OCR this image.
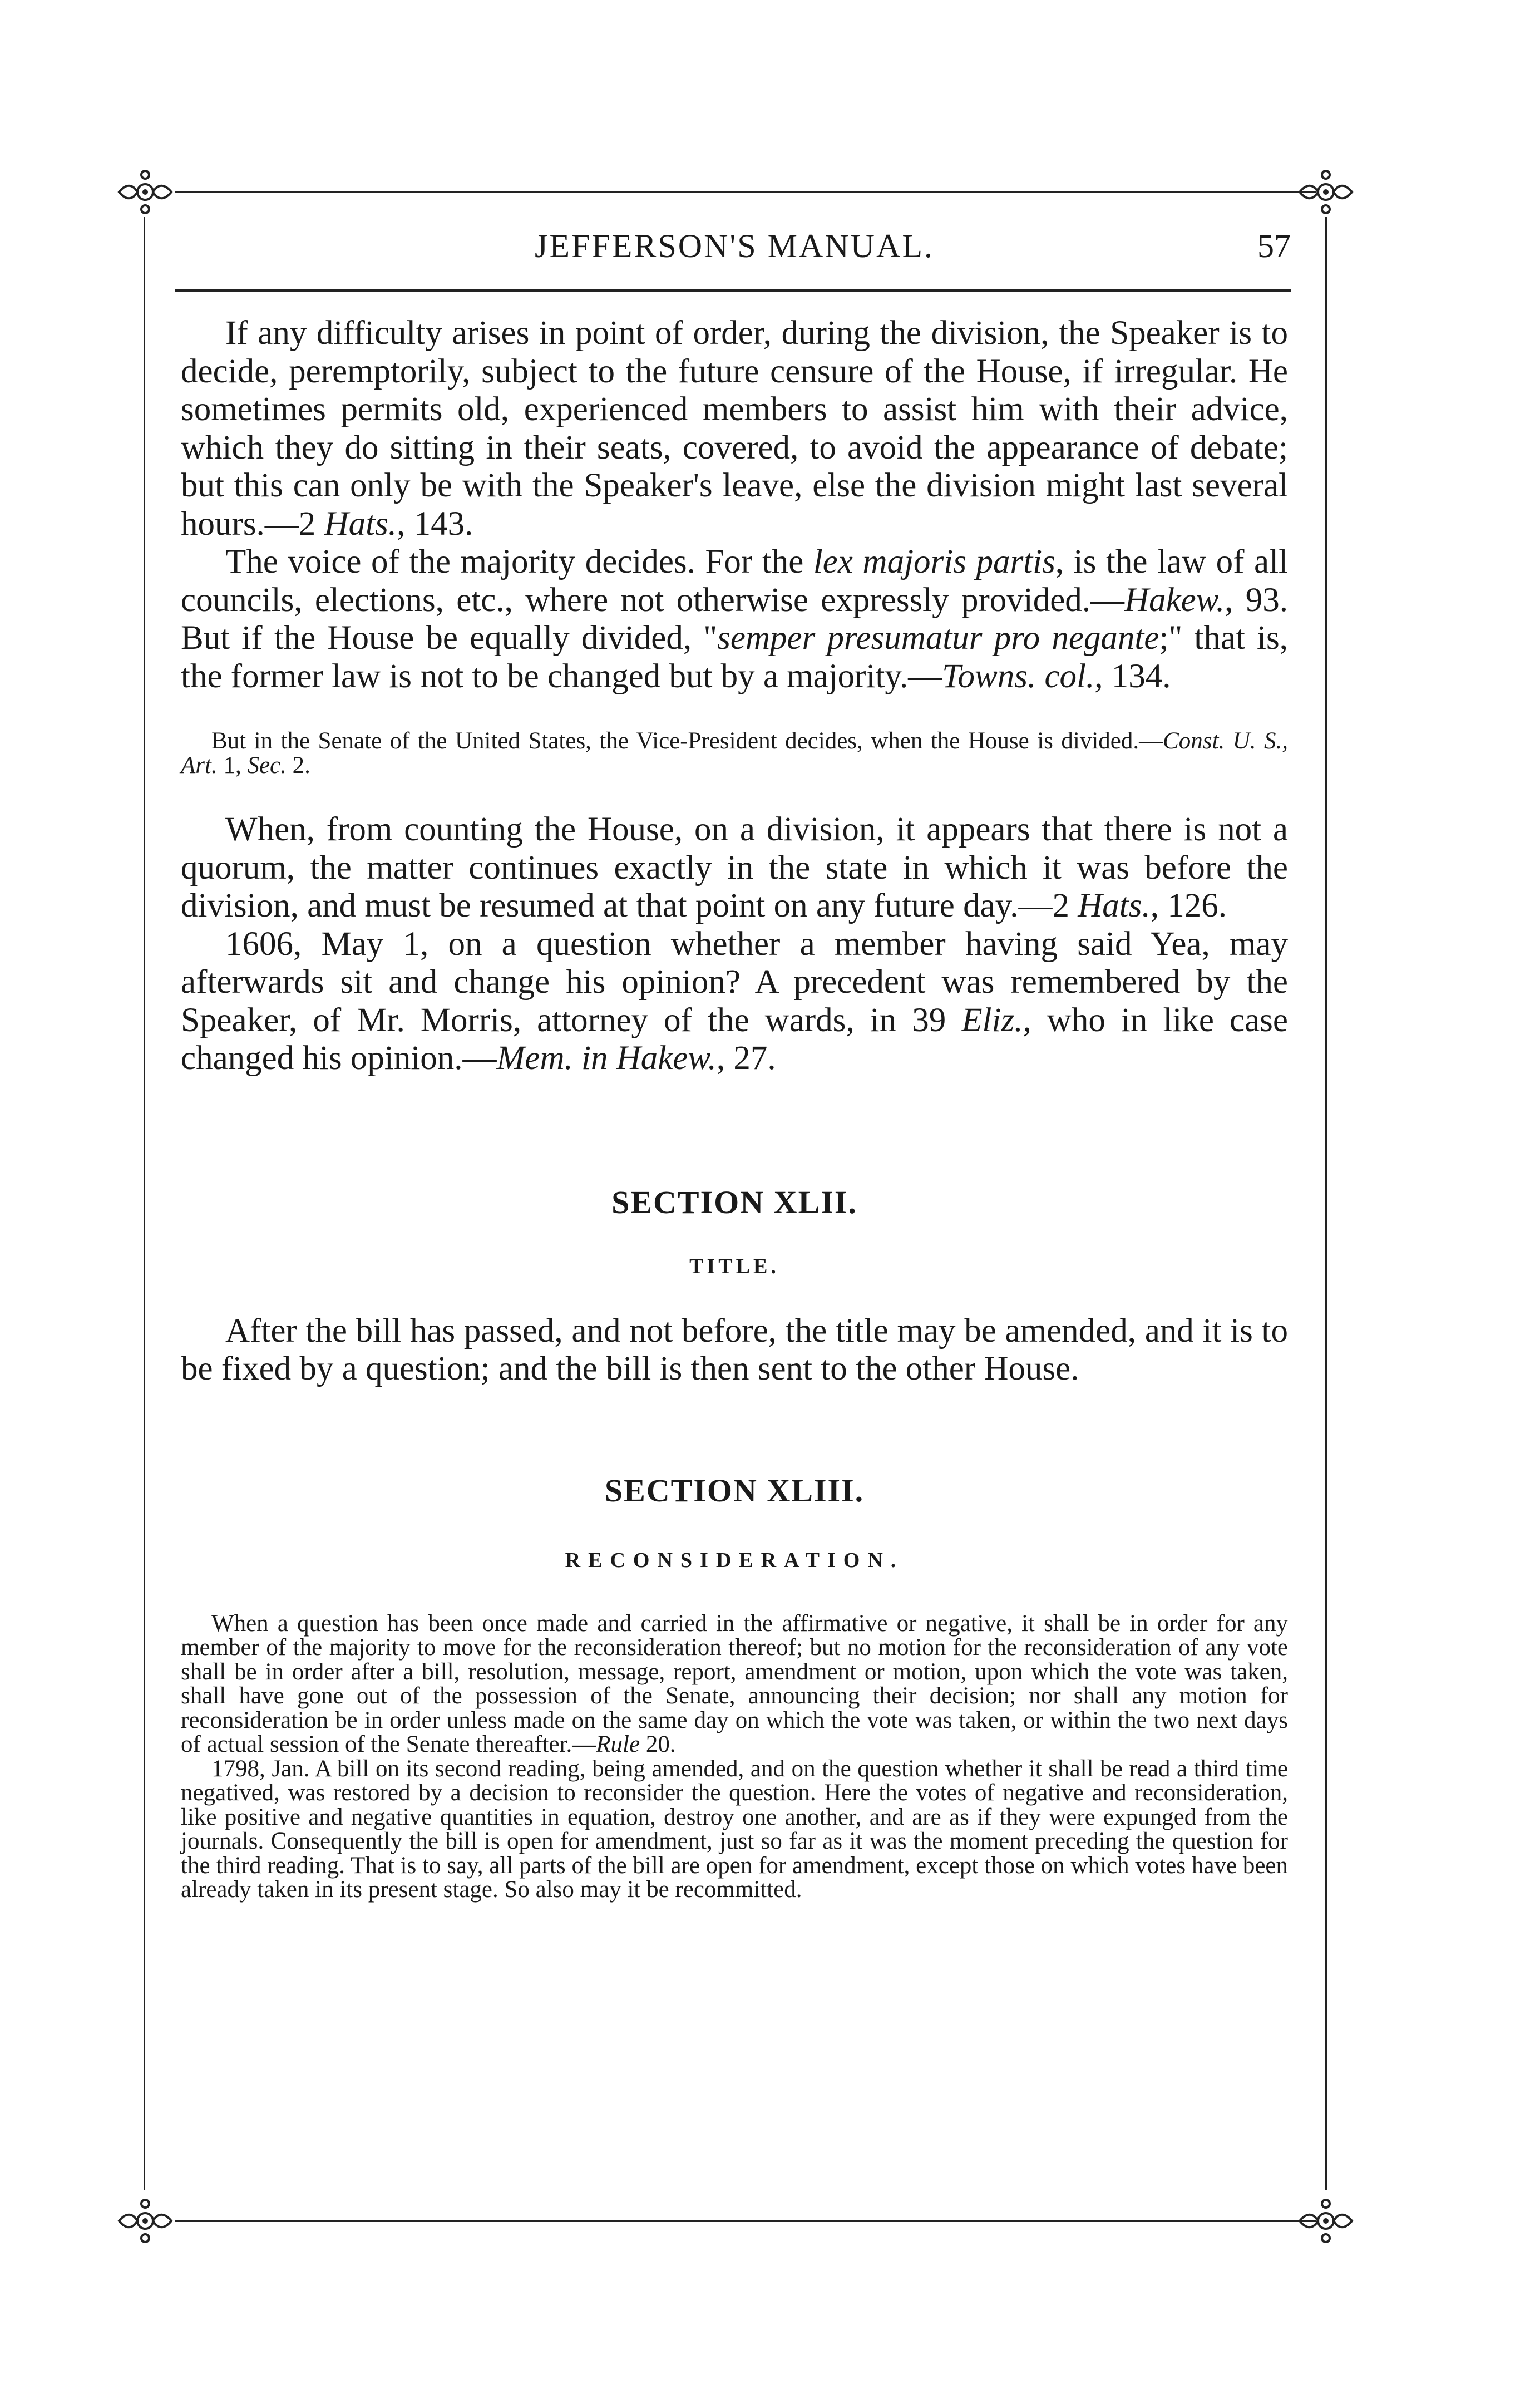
JEFFERSON'S MANUAL.	57

If any difficulty arises in point of order, during the division, the Speaker is to decide, peremptorily, subject to the future censure of the House, if irregular. He sometimes permits old, experienced members to assist him with their advice, which they do sitting in their seats, covered, to avoid the appearance of debate; but this can only be with the Speaker's leave, else the division might last several hours.—2 Hats., 143.

The voice of the majority decides. For the lex majoris partis, is the law of all councils, elections, etc., where not otherwise expressly provided.—Hakew., 93. But if the House be equally divided, "semper presumatur pro negante;" that is, the former law is not to be changed but by a majority.—Towns. col., 134.

But in the Senate of the United States, the Vice-President decides, when the House is divided.—Const. U. S., Art. 1, Sec. 2.

When, from counting the House, on a division, it appears that there is not a quorum, the matter continues exactly in the state in which it was before the division, and must be resumed at that point on any future day.—2 Hats., 126.

1606, May 1, on a question whether a member having said Yea, may afterwards sit and change his opinion? A precedent was remembered by the Speaker, of Mr. Morris, attorney of the wards, in 39 Eliz., who in like case changed his opinion.—Mem. in Hakew., 27.

SECTION XLII.
TITLE.

After the bill has passed, and not before, the title may be amended, and it is to be fixed by a question; and the bill is then sent to the other House.

SECTION XLIII.
RECONSIDERATION.

When a question has been once made and carried in the affirmative or negative, it shall be in order for any member of the majority to move for the reconsideration thereof; but no motion for the reconsideration of any vote shall be in order after a bill, resolution, message, report, amendment or motion, upon which the vote was taken, shall have gone out of the possession of the Senate, announcing their decision; nor shall any motion for reconsideration be in order unless made on the same day on which the vote was taken, or within the two next days of actual session of the Senate thereafter.—Rule 20.

1798, Jan. A bill on its second reading, being amended, and on the question whether it shall be read a third time negatived, was restored by a decision to reconsider the question. Here the votes of negative and reconsideration, like positive and negative quantities in equation, destroy one another, and are as if they were expunged from the journals. Consequently the bill is open for amendment, just so far as it was the moment preceding the question for the third reading. That is to say, all parts of the bill are open for amendment, except those on which votes have been already taken in its present stage. So also may it be recommitted.
